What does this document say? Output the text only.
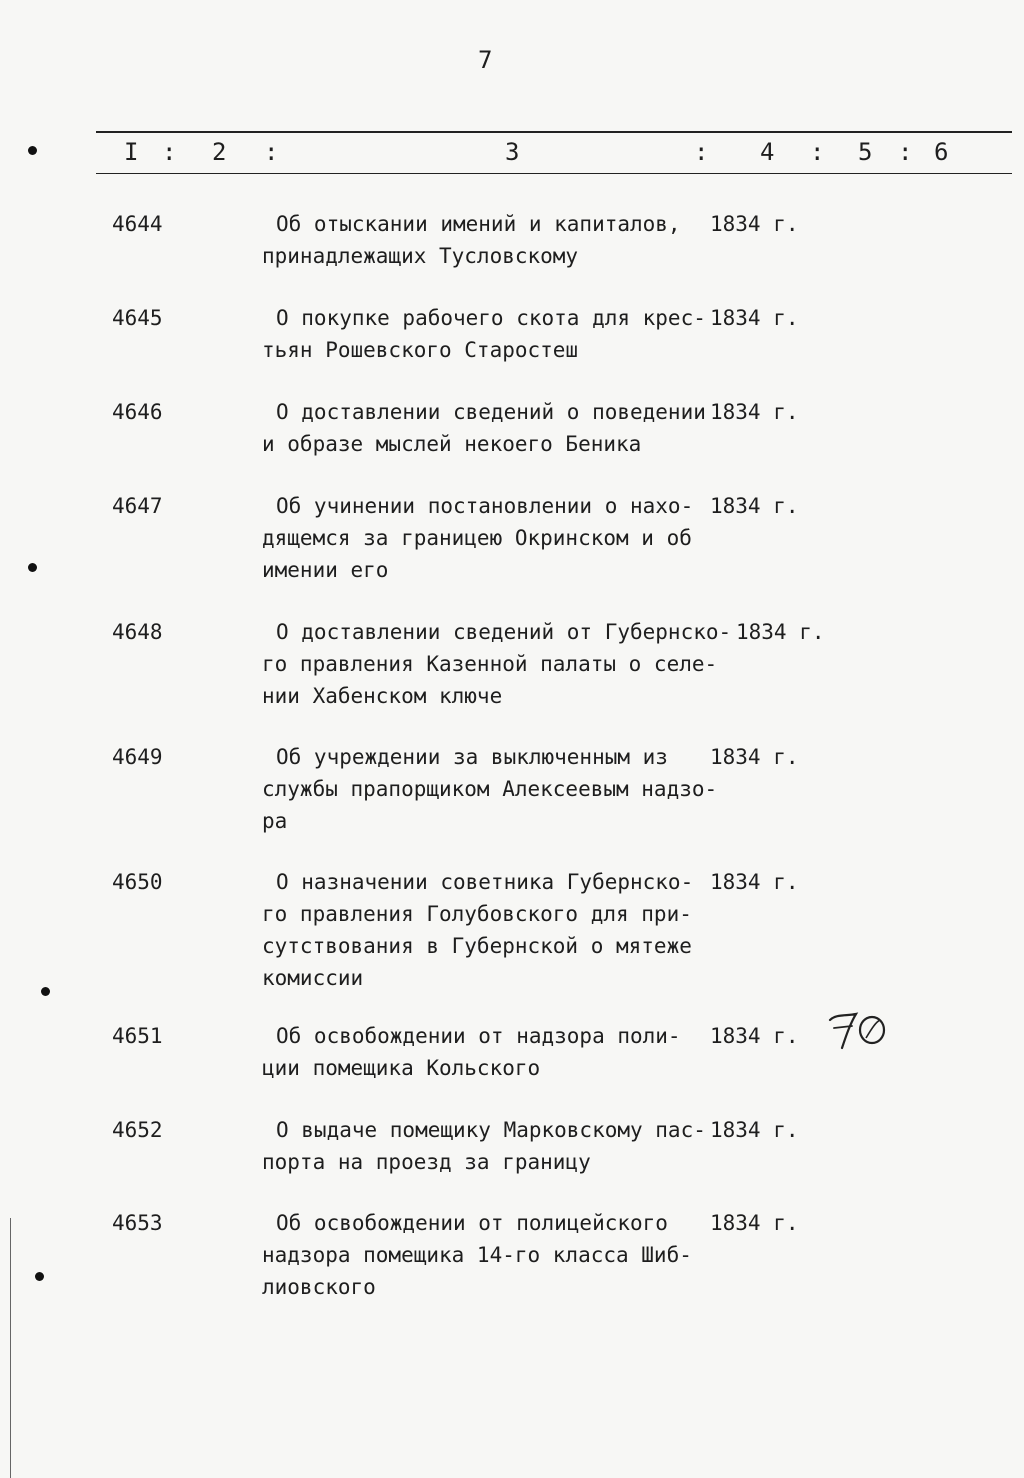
7
I : 2 :	3	: 4 : 5 : 6
4644	Об отыскании имений и капиталов,
принадлежащих Тусловскому
1834 г.
4645	О покупке рабочего скота для крес-
тьян Рошевского Старостеш
1834 г.
4646	О доставлении сведений о поведении
и образе мыслей некоего Беника
1834 г.
4647	Об учинении постановлении о нахо-
дящемся за границею Окринском и об
имении его
1834 г.
4648	О доставлении сведений от Губернско-
го правления Казенной палаты о селе-
нии Хабенском ключе
1834 г.
4649	Об учреждении за выключенным из
службы прапорщиком Алексеевым надзо-
ра
1834 г.
4650	О назначении советника Губернско-
го правления Голубовского для при-
сутствования в Губернской о мятеже
комиссии
1834 г.
4651	Об освобождении от надзора поли-
ции помещика Кольского
1834 г.
4652	О выдаче помещику Марковскому пас-
порта на проезд за границу
1834 г.
4653	Об освобождении от полицейского
надзора помещика 14-го класса Шиб-
лиовского
1834 г.
